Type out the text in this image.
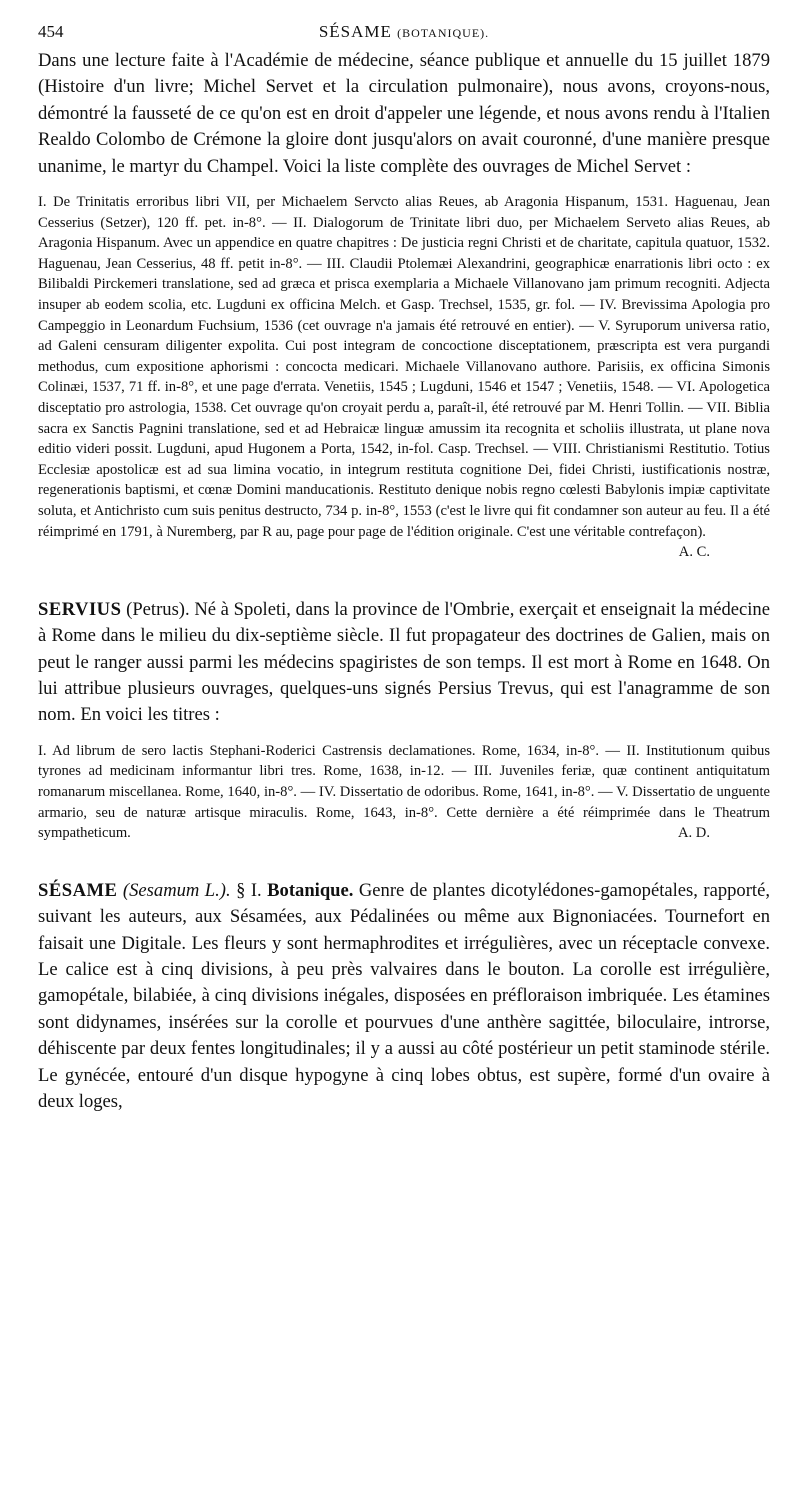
454	SÉSAME (BOTANIQUE).

Dans une lecture faite à l'Académie de médecine, séance publique et annuelle du 15 juillet 1879 (Histoire d'un livre; Michel Servet et la circulation pulmonaire), nous avons, croyons-nous, démontré la fausseté de ce qu'on est en droit d'appeler une légende, et nous avons rendu à l'Italien Realdo Colombo de Crémone la gloire dont jusqu'alors on avait couronné, d'une manière presque unanime, le martyr du Champel. Voici la liste complète des ouvrages de Michel Servet :

I. De Trinitatis erroribus libri VII, per Michaelem Servcto alias Reues, ab Aragonia Hispanum, 1531. Haguenau, Jean Cesserius (Setzer), 120 ff. pet. in-8°. — II. Dialogorum de Trinitate libri duo, per Michaelem Serveto alias Reues, ab Aragonia Hispanum. Avec un appendice en quatre chapitres : De justicia regni Christi et de charitate, capitula quatuor, 1532. Haguenau, Jean Cesserius, 48 ff. petit in-8°. — III. Claudii Ptolemæi Alexandrini, geographicæ enarrationis libri octo : ex Bilibaldi Pirckemeri translatione, sed ad græca et prisca exemplaria a Michaele Villanovano jam primum recogniti. Adjecta insuper ab eodem scolia, etc. Lugduni ex officina Melch. et Gasp. Trechsel, 1535, gr. fol. — IV. Brevissima Apologia pro Campeggio in Leonardum Fuchsium, 1536 (cet ouvrage n'a jamais été retrouvé en entier). — V. Syruporum universa ratio, ad Galeni censuram diligenter expolita. Cui post integram de concoctione disceptationem, præscripta est vera purgandi methodus, cum expositione aphorismi : concocta medicari. Michaele Villanovano authore. Parisiis, ex officina Simonis Colinæi, 1537, 71 ff. in-8°, et une page d'errata. Venetiis, 1545 ; Lugduni, 1546 et 1547 ; Venetiis, 1548. — VI. Apologetica disceptatio pro astrologia, 1538. Cet ouvrage qu'on croyait perdu a, paraît-il, été retrouvé par M. Henri Tollin. — VII. Biblia sacra ex Sanctis Pagnini translatione, sed et ad Hebraicæ linguæ amussim ita recognita et scholiis illustrata, ut plane nova editio videri possit. Lugduni, apud Hugonem a Porta, 1542, in-fol. Casp. Trechsel. — VIII. Christianismi Restitutio. Totius Ecclesiæ apostolicæ est ad sua limina vocatio, in integrum restituta cognitione Dei, fidei Christi, iustificationis nostræ, regenerationis baptismi, et cœnæ Domini manducationis. Restituto denique nobis regno cœlesti Babylonis impiæ captivitate soluta, et Antichristo cum suis penitus destructo, 734 p. in-8°, 1553 (c'est le livre qui fit condamner son auteur au feu. Il a été réimprimé en 1791, à Nuremberg, par R au, page pour page de l'édition originale. C'est une véritable contrefaçon).
A. C.

SERVIUS (Petrus). Né à Spoleti, dans la province de l'Ombrie, exerçait et enseignait la médecine à Rome dans le milieu du dix-septième siècle. Il fut propagateur des doctrines de Galien, mais on peut le ranger aussi parmi les médecins spagiristes de son temps. Il est mort à Rome en 1648. On lui attribue plusieurs ouvrages, quelques-uns signés Persius Trevus, qui est l'anagramme de son nom. En voici les titres :

I. Ad librum de sero lactis Stephani-Roderici Castrensis declamationes. Rome, 1634, in-8°. — II. Institutionum quibus tyrones ad medicinam informantur libri tres. Rome, 1638, in-12. — III. Juveniles feriæ, quæ continent antiquitatum romanarum miscellanea. Rome, 1640, in-8°. — IV. Dissertatio de odoribus. Rome, 1641, in-8°. — V. Dissertatio de unguente armario, seu de naturæ artisque miraculis. Rome, 1643, in-8°. Cette dernière a été réimprimée dans le Theatrum sympatheticum.	A. D.

SÉSAME (Sesamum L.). § I. Botanique. Genre de plantes dicotylédones-gamopétales, rapporté, suivant les auteurs, aux Sésamées, aux Pédalinées ou même aux Bignoniacées. Tournefort en faisait une Digitale. Les fleurs y sont hermaphrodites et irrégulières, avec un réceptacle convexe. Le calice est à cinq divisions, à peu près valvaires dans le bouton. La corolle est irrégulière, gamopétale, bilabiée, à cinq divisions inégales, disposées en préfloraison imbriquée. Les étamines sont didynames, insérées sur la corolle et pourvues d'une anthère sagittée, biloculaire, introrse, déhiscente par deux fentes longitudinales; il y a aussi au côté postérieur un petit staminode stérile. Le gynécée, entouré d'un disque hypogyne à cinq lobes obtus, est supère, formé d'un ovaire à deux loges,
